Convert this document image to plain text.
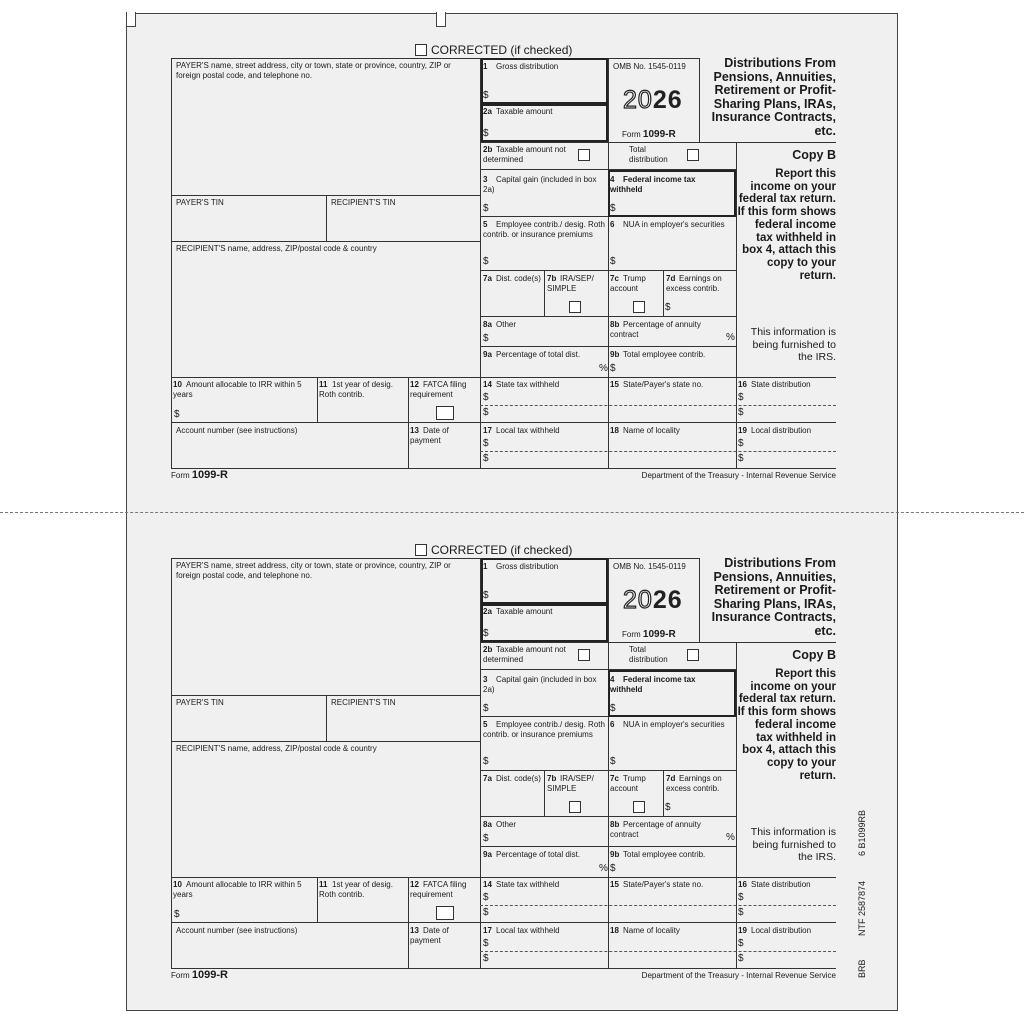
CORRECTED (if checked)
PAYER'S name, street address, city or town, state or province, country, ZIP or foreign postal code, and telephone no.
PAYER'S TIN	RECIPIENT'S TIN
RECIPIENT'S name, address, ZIP/postal code & country
10 Amount allocable to IRR within 5 years
$
11 1st year of desig. Roth contrib.
12 FATCA filing requirement
Account number (see instructions)	13 Date of payment
1 Gross distribution
$
2a Taxable amount
$
OMB No. 1545-0119
2026
Form 1099-R
Distributions From Pensions, Annuities, Retirement or Profit-Sharing Plans, IRAs, Insurance Contracts, etc.
2b Taxable amount not determined
Total distribution	Copy B
Report this income on your federal tax return. If this form shows federal income tax withheld in box 4, attach this copy to your return.
This information is being furnished to the IRS.
3 Capital gain (included in box 2a)
$
4 Federal income tax withheld
$
5 Employee contrib./ desig. Roth contrib. or insurance premiums
$
6 NUA in employer's securities
$
7a Dist. code(s) 7b IRA/SEP/ SIMPLE
7c Trump account
7d Earnings on excess contrib.
$
8a Other
$
8b Percentage of annuity contract	%
9a Percentage of total dist.
%
9b Total employee contrib.
$
14 State tax withheld
$
$
15 State/Payer's state no.	16 State distribution
$
$
17 Local tax withheld
$
$
18 Name of locality	19 Local distribution
$
$
Form 1099-R	Department of the Treasury - Internal Revenue Service
CORRECTED (if checked)
PAYER'S name, street address, city or town, state or province, country, ZIP or foreign postal code, and telephone no.
PAYER'S TIN	RECIPIENT'S TIN
RECIPIENT'S name, address, ZIP/postal code & country
10 Amount allocable to IRR within 5 years
$
11 1st year of desig. Roth contrib.
12 FATCA filing requirement
Account number (see instructions)	13 Date of payment
1 Gross distribution
$
2a Taxable amount
$
OMB No. 1545-0119
2026
Form 1099-R
Distributions From Pensions, Annuities, Retirement or Profit-Sharing Plans, IRAs, Insurance Contracts, etc.
2b Taxable amount not determined
Total distribution	Copy B
Report this income on your federal tax return. If this form shows federal income tax withheld in box 4, attach this copy to your return.
This information is being furnished to the IRS.
3 Capital gain (included in box 2a)
$
4 Federal income tax withheld
$
5 Employee contrib./ desig. Roth contrib. or insurance premiums
$
6 NUA in employer's securities
$
7a Dist. code(s) 7b IRA/SEP/ SIMPLE
7c Trump account
7d Earnings on excess contrib.
$
8a Other
$
8b Percentage of annuity contract	%
9a Percentage of total dist.
%
9b Total employee contrib.
$
14 State tax withheld
$
$
15 State/Payer's state no.	16 State distribution
$
$
17 Local tax withheld
$
$
18 Name of locality	19 Local distribution
$
$
Form 1099-R	Department of the Treasury - Internal Revenue Service
6 B1099RB
NTF 2587874
BRB
